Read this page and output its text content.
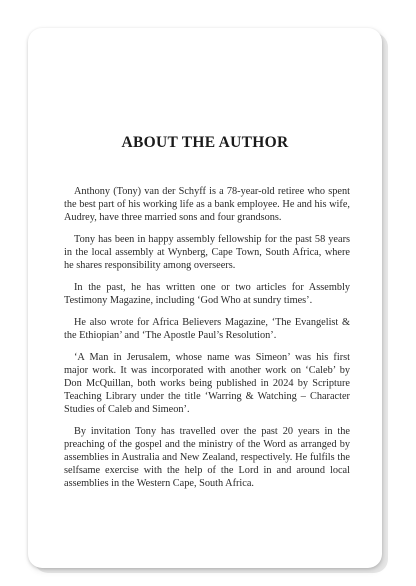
ABOUT THE AUTHOR

Anthony (Tony) van der Schyff is a 78-year-old retiree who spent the best part of his working life as a bank employee. He and his wife, Audrey, have three married sons and four grandsons.

Tony has been in happy assembly fellowship for the past 58 years in the local assembly at Wynberg, Cape Town, South Africa, where he shares responsibility among overseers.

In the past, he has written one or two articles for Assembly Testimony Magazine, including ‘God Who at sundry times’.

He also wrote for Africa Believers Magazine, ‘The Evangelist & the Ethiopian’ and ‘The Apostle Paul’s Resolution’.

‘A Man in Jerusalem, whose name was Simeon’ was his first major work. It was incorporated with another work on ‘Caleb’ by Don McQuillan, both works being published in 2024 by Scripture Teaching Library under the title ‘Warring & Watching – Character Studies of Caleb and Simeon’.

By invitation Tony has travelled over the past 20 years in the preaching of the gospel and the ministry of the Word as arranged by assemblies in Australia and New Zealand, respectively. He fulfils the selfsame exercise with the help of the Lord in and around local assemblies in the Western Cape, South Africa.
